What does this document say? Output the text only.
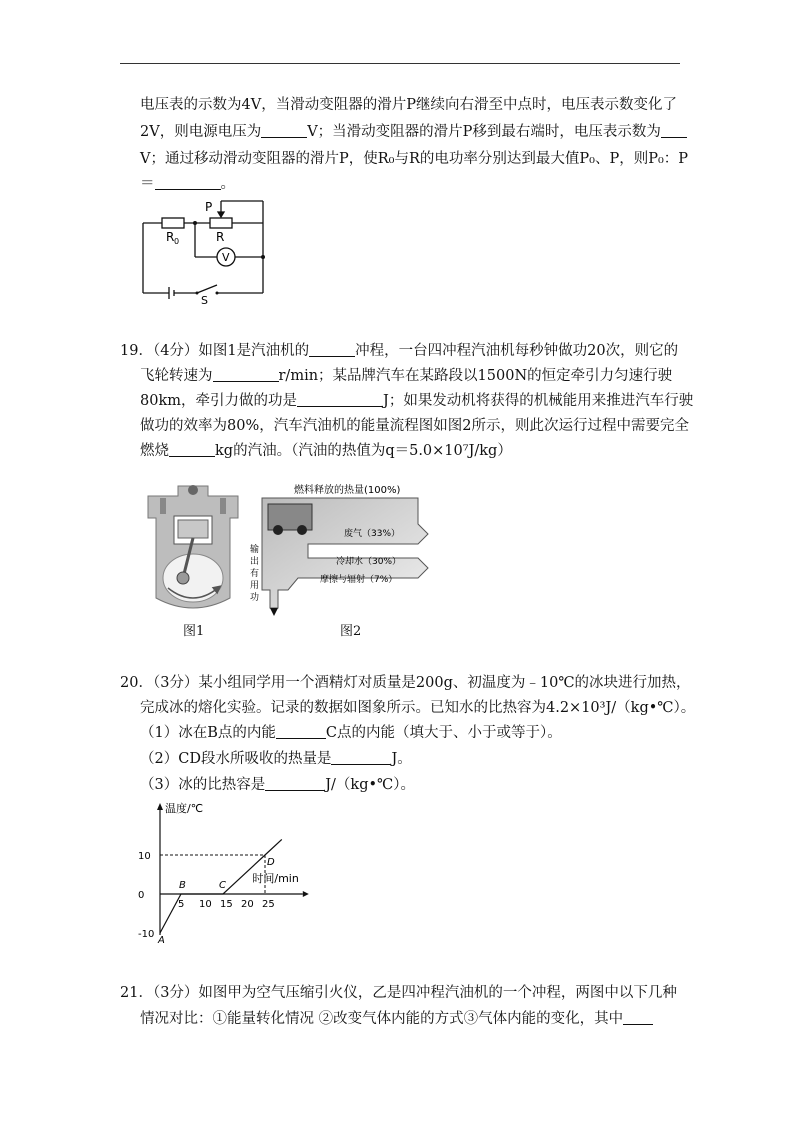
电压表的示数为4V，当滑动变阻器的滑片P继续向右滑至中点时，电压表示数变化了
2V，则电源电压为	V；当滑动变阻器的滑片P移到最右端时，电压表示数为
V；通过移动滑动变阻器的滑片P，使R₀与R的电功率分别达到最大值P₀、P，则P₀：P
＝	。
P
R 0	R
V
S
19．（4分）如图1是汽油机的	冲程，一台四冲程汽油机每秒钟做功20次，则它的
飞轮转速为	r/min；某品牌汽车在某路段以1500N的恒定牵引力匀速行驶
80km，牵引力做的功是	J；如果发动机将获得的机械能用来推进汽车行驶
做功的效率为80%，汽车汽油机的能量流程图如图2所示，则此次运行过程中需要完全
燃烧	kg的汽油。（汽油的热值为q＝5.0×10⁷J/kg）
图1
燃料释放的热量(100%)
废气（33%）
冷却水（30%）
摩擦与辐射（7%）
输
出
有
用
功
图2
20．（3分）某小组同学用一个酒精灯对质量是200g、初温度为﹣10℃的冰块进行加热，
完成冰的熔化实验。记录的数据如图象所示。已知水的比热容为4.2×10³J/（kg•℃）。
（1）冰在B点的内能	C点的内能（填大于、小于或等于）。
（2）CD段水所吸收的热量是	J。
（3）冰的比热容是	J/（kg•℃）。
温度/℃
时间/min
5 10 15 20 25
10
0
-10
A
B	C
D
21．（3分）如图甲为空气压缩引火仪，乙是四冲程汽油机的一个冲程，两图中以下几种
情况对比：①能量转化情况 ②改变气体内能的方式③气体内能的变化，其中
